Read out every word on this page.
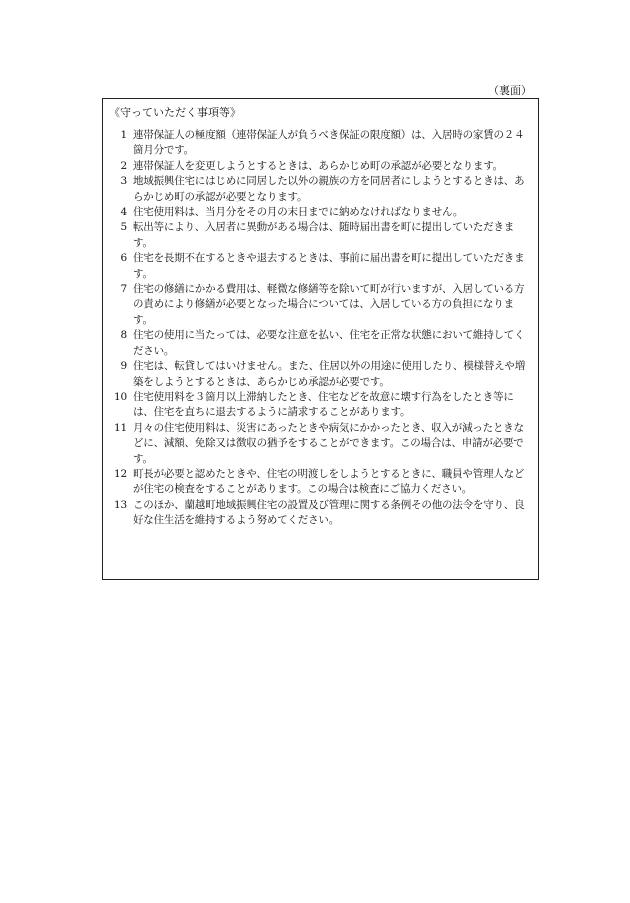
（裏面）
《守っていただく事項等》
1 連帯保証人の極度額（連帯保証人が負うべき保証の限度額）は、入居時の家賃の２４箇月分です。
2 連帯保証人を変更しようとするときは、あらかじめ町の承認が必要となります。
3 地域振興住宅にはじめに同居した以外の親族の方を同居者にしようとするときは、あらかじめ町の承認が必要となります。
4 住宅使用料は、当月分をその月の末日までに納めなければなりません。
5 転出等により、入居者に異動がある場合は、随時届出書を町に提出していただきます。
6 住宅を長期不在するときや退去するときは、事前に届出書を町に提出していただきます。
7 住宅の修繕にかかる費用は、軽微な修繕等を除いて町が行いますが、入居している方の責めにより修繕が必要となった場合については、入居している方の負担になります。
8 住宅の使用に当たっては、必要な注意を払い、住宅を正常な状態において維持してください。
9 住宅は、転貸してはいけません。また、住居以外の用途に使用したり、模様替えや増築をしようとするときは、あらかじめ承認が必要です。
10 住宅使用料を３箇月以上滞納したとき、住宅などを故意に壊す行為をしたとき等には、住宅を直ちに退去するように請求することがあります。
11 月々の住宅使用料は、災害にあったときや病気にかかったとき、収入が減ったときなどに、減額、免除又は徴収の猶予をすることができます。この場合は、申請が必要です。
12 町長が必要と認めたときや、住宅の明渡しをしようとするときに、職員や管理人などが住宅の検査をすることがあります。この場合は検査にご協力ください。
13 このほか、蘭越町地域振興住宅の設置及び管理に関する条例その他の法令を守り、良好な住生活を維持するよう努めてください。
